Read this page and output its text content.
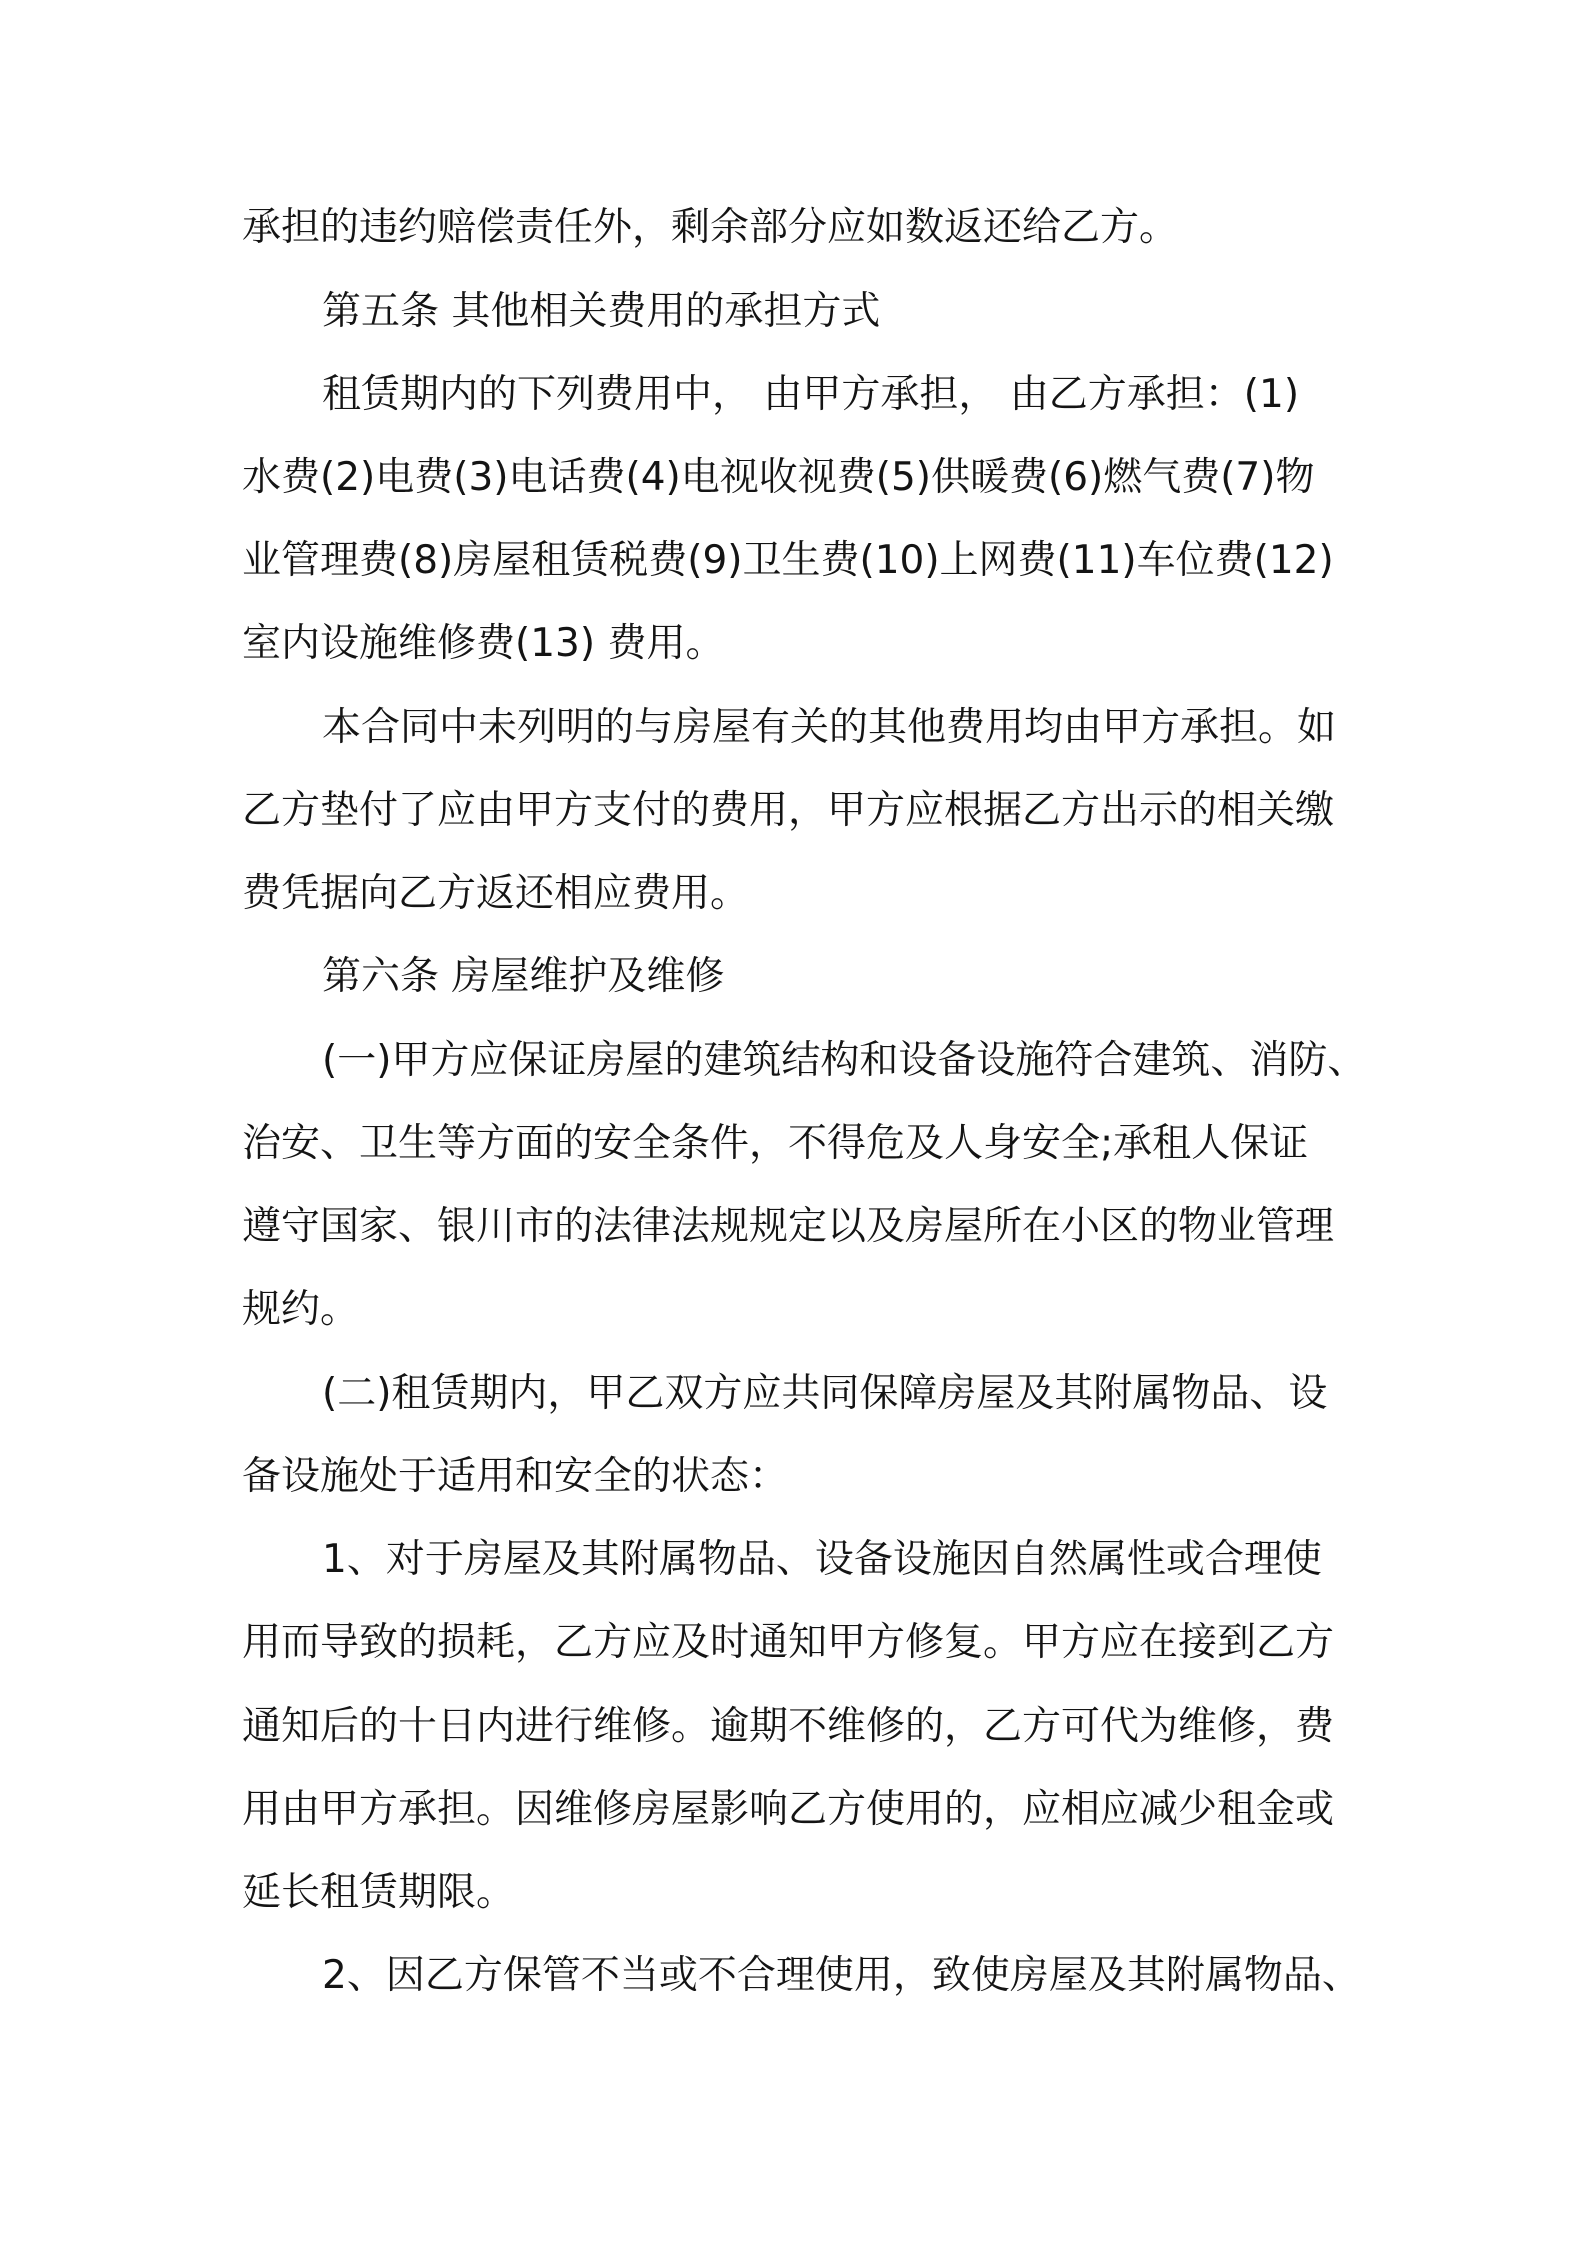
承担的违约赔偿责任外，剩余部分应如数返还给乙方。

第五条 其他相关费用的承担方式

租赁期内的下列费用中， 由甲方承担， 由乙方承担：(1)

水费(2)电费(3)电话费(4)电视收视费(5)供暖费(6)燃气费(7)物

业管理费(8)房屋租赁税费(9)卫生费(10)上网费(11)车位费(12)

室内设施维修费(13) 费用。

本合同中未列明的与房屋有关的其他费用均由甲方承担。如

乙方垫付了应由甲方支付的费用，甲方应根据乙方出示的相关缴

费凭据向乙方返还相应费用。

第六条 房屋维护及维修

(一)甲方应保证房屋的建筑结构和设备设施符合建筑、消防、

治安、卫生等方面的安全条件，不得危及人身安全;承租人保证

遵守国家、银川市的法律法规规定以及房屋所在小区的物业管理

规约。

(二)租赁期内，甲乙双方应共同保障房屋及其附属物品、设

备设施处于适用和安全的状态：

1、对于房屋及其附属物品、设备设施因自然属性或合理使

用而导致的损耗，乙方应及时通知甲方修复。甲方应在接到乙方

通知后的十日内进行维修。逾期不维修的，乙方可代为维修，费

用由甲方承担。因维修房屋影响乙方使用的，应相应减少租金或

延长租赁期限。

2、因乙方保管不当或不合理使用，致使房屋及其附属物品、
